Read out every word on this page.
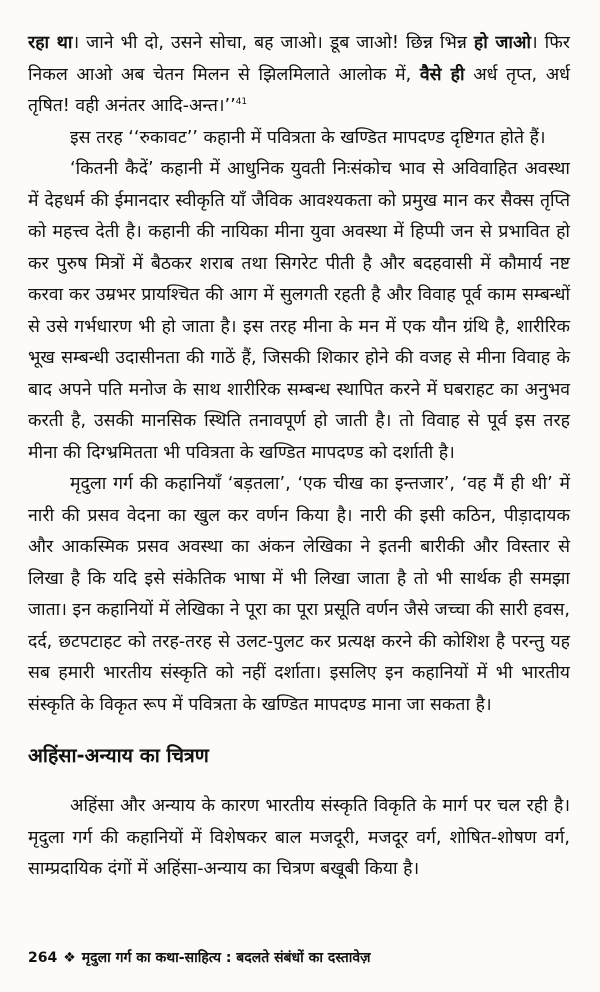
रहा था। जाने भी दो, उसने सोचा, बह जाओ। डूब जाओ! छिन्न भिन्न हो जाओ। फिर निकल आओ अब चेतन मिलन से झिलमिलाते आलोक में, वैसे ही अर्ध तृप्त, अर्ध तृषित! वही अनंतर आदि-अन्त।’’$^{41}$

इस तरह ‘‘रुकावट’’ कहानी में पवित्रता के खण्डित मापदण्ड दृष्टिगत होते हैं।

‘कितनी कैदें’ कहानी में आधुनिक युवती निःसंकोच भाव से अविवाहित अवस्था में देहधर्म की ईमानदार स्वीकृति याँ जैविक आवश्यकता को प्रमुख मान कर सैक्स तृप्ति को महत्त्व देती है। कहानी की नायिका मीना युवा अवस्था में हिप्पी जन से प्रभावित हो कर पुरुष मित्रों में बैठकर शराब तथा सिगरेट पीती है और बदहवासी में कौमार्य नष्ट करवा कर उम्रभर प्रायश्चित की आग में सुलगती रहती है और विवाह पूर्व काम सम्बन्धों से उसे गर्भधारण भी हो जाता है। इस तरह मीना के मन में एक यौन ग्रंथि है, शारीरिक भूख सम्बन्धी उदासीनता की गाठें हैं, जिसकी शिकार होने की वजह से मीना विवाह के बाद अपने पति मनोज के साथ शारीरिक सम्बन्ध स्थापित करने में घबराहट का अनुभव करती है, उसकी मानसिक स्थिति तनावपूर्ण हो जाती है। तो विवाह से पूर्व इस तरह मीना की दिग्भ्रमितता भी पवित्रता के खण्डित मापदण्ड को दर्शाती है।

मृदुला गर्ग की कहानियाँ ‘बड़तला’, ‘एक चीख का इन्तजार’, ‘वह मैं ही थी’ में नारी की प्रसव वेदना का खुल कर वर्णन किया है। नारी की इसी कठिन, पीड़ादायक और आकस्मिक प्रसव अवस्था का अंकन लेखिका ने इतनी बारीकी और विस्तार से लिखा है कि यदि इसे संकेतिक भाषा में भी लिखा जाता है तो भी सार्थक ही समझा जाता। इन कहानियों में लेखिका ने पूरा का पूरा प्रसूति वर्णन जैसे जच्चा की सारी हवस, दर्द, छटपटाहट को तरह-तरह से उलट-पुलट कर प्रत्यक्ष करने की कोशिश है परन्तु यह सब हमारी भारतीय संस्कृति को नहीं दर्शाता। इसलिए इन कहानियों में भी भारतीय संस्कृति के विकृत रूप में पवित्रता के खण्डित मापदण्ड माना जा सकता है।

अहिंसा-अन्याय का चित्रण

अहिंसा और अन्याय के कारण भारतीय संस्कृति विकृति के मार्ग पर चल रही है। मृदुला गर्ग की कहानियों में विशेषकर बाल मजदूरी, मजदूर वर्ग, शोषित-शोषण वर्ग, साम्प्रदायिक दंगों में अहिंसा-अन्याय का चित्रण बखूबी किया है।

264 ❖ मृदुला गर्ग का कथा-साहित्य : बदलते संबंधों का दस्तावेज़
